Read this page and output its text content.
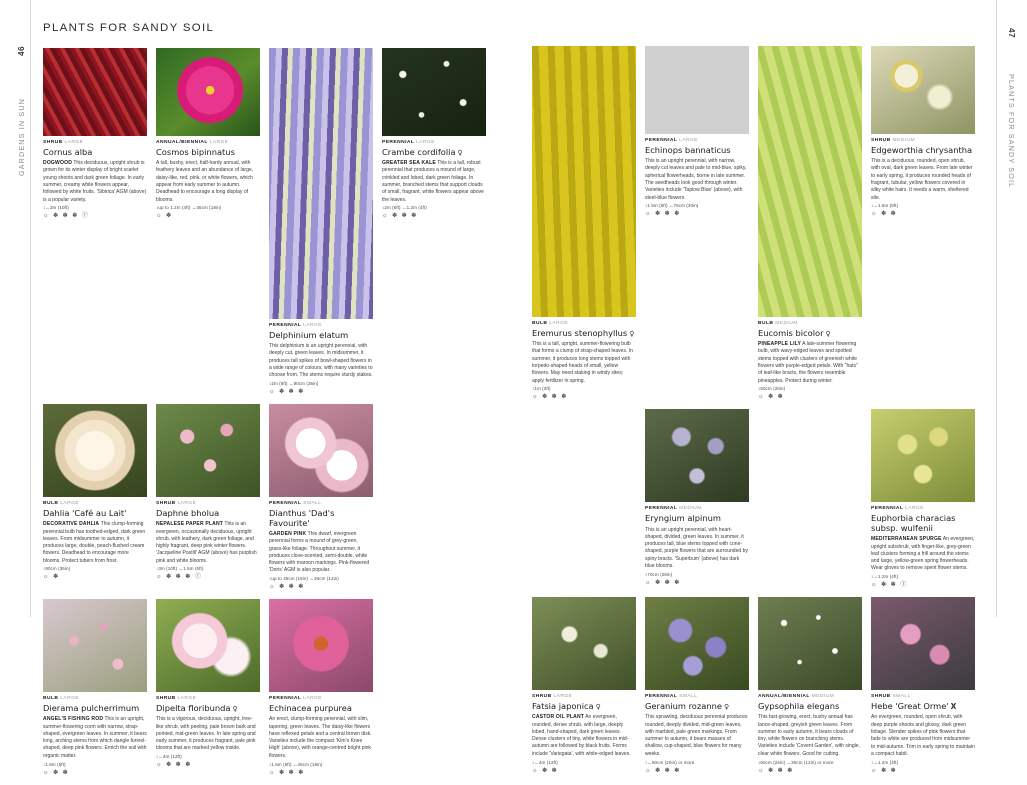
46
GARDENS IN SUN
PLANTS FOR SANDY SOIL
SHRUB LARGE
Cornus alba
DOGWOOD This deciduous, upright shrub is grown for its winter display of bright scarlet young shoots and dark green foliage. In early summer, creamy white flowers appear, followed by white fruits. 'Sibirica' AGM (above) is a popular variety.
↕↔3m (10ft)
☼ ✽ ✽ ✽ Ⓣ
ANNUAL/BIENNIAL LARGE
Cosmos bipinnatus
A tall, bushy, erect, half-hardy annual, with feathery leaves and an abundance of large, daisy-like, red, pink, or white flowers, which appear from early summer to autumn. Deadhead to encourage a long display of blooms.
↕up to 1.2m (4ft) ↔45cm (18in)
☼ ✽
PERENNIAL LARGE
Delphinium elatum
This delphinium is an upright perennial, with deeply cut, green leaves. In midsummer, it produces tall spikes of bowl-shaped flowers in a wide range of colours, with many varieties to choose from. The stems require sturdy stakes.
↕2m (6ft) ↔90cm (36in)
☼ ✽ ✽ ✽
PERENNIAL LARGE
Crambe cordifolia ♀
GREATER SEA KALE This is a tall, robust perennial that produces a mound of large, crinkled and lobed, dark green foliage. In summer, branched stems that support clouds of small, fragrant, white flowers appear above the leaves.
↕2m (6ft) ↔1.2m (4ft)
☼ ✽ ✽ ✽
BULB LARGE
Dahlia 'Café au Lait'
DECORATIVE DAHLIA This clump-forming perennial bulb has toothed-edged, dark green leaves. From midsummer to autumn, it produces large, double, peach-flushed cream flowers. Deadhead to encourage more blooms. Protect tubers from frost.
↕90cm (36in)
☼ ✽
SHRUB LARGE
Daphne bholua
NEPALESE PAPER PLANT This is an evergreen, occasionally deciduous, upright shrub, with leathery, dark green foliage, and highly fragrant, deep pink winter flowers. 'Jacqueline Postill' AGM (above) has purplish pink and white blooms.
↕3m (10ft) ↔1.5m (5ft)
☼ ✽ ✽ ✽ Ⓣ
PERENNIAL SMALL
Dianthus 'Dad's Favourite'
GARDEN PINK This dwarf, evergreen perennial forms a mound of grey-green, grass-like foliage. Throughout summer, it produces clove-scented, semi-double, white flowers with maroon markings. Pink-flowered 'Doris' AGM is also popular.
↕up to 45cm (18in) ↔30cm (12in)
☼ ✽ ✽ ✽
BULB LARGE
Dierama pulcherrimum
ANGEL'S FISHING ROD This is an upright, summer-flowering corm with narrow, strap-shaped, evergreen leaves. In summer, it bears long, arching stems from which dangle funnel-shaped, deep pink flowers. Enrich the soil with organic matter.
↕1.5m (5ft)
☼ ✽ ✽
SHRUB LARGE
Dipelta floribunda ♀
This is a vigorous, deciduous, upright, tree-like shrub, with peeling, pale brown bark and pointed, mid-green leaves. In late spring and early summer, it produces fragrant, pale pink blooms that are marked yellow inside.
↕↔4m (12ft)
☼ ✽ ✽ ✽
PERENNIAL LARGE
Echinacea purpurea
An erect, clump-forming perennial, with slim, tapering, green leaves. The daisy-like flowers have reflexed petals and a central brown disk. Varieties include the compact 'Kim's Knee High' (above), with orange-centred bright pink flowers.
↕1.5m (5ft) ↔45cm (18in)
☼ ✽ ✽ ✽
BULB LARGE
Eremurus stenophyllus ♀
This is a tall, upright, summer-flowering bulb that forms a clump of strap-shaped leaves. In summer, it produces long stems topped with torpedo-shaped heads of small, yellow flowers. May need staking in windy sites; apply fertilizer in spring.
↕1m (3ft)
☼ ✽ ✽ ✽
PERENNIAL LARGE
Echinops bannaticus
This is an upright perennial, with narrow, deeply cut leaves and pale to mid-blue, spiky, spherical flowerheads, borne in late summer. The seedheads look good through winter. Varieties include 'Taplow Blue' (above), with steel-blue flowers.
↕1.5m (5ft) ↔75cm (30in)
☼ ✽ ✽ ✽
BULB MEDIUM
Eucomis bicolor ♀
PINEAPPLE LILY A late-summer flowering bulb, with wavy-edged leaves and spotted stems topped with clusters of greenish white flowers with purple-edged petals. With "hats" of leaf-like bracts, the flowers resemble pineapples. Protect during winter.
↕50cm (20in)
☼ ✽ ✽
SHRUB MEDIUM
Edgeworthia chrysantha
This is a deciduous, rounded, open shrub, with oval, dark green leaves. From late winter to early spring, it produces rounded heads of fragrant, tubular, yellow flowers covered in silky white hairs. It needs a warm, sheltered site.
↕↔1.5m (5ft)
☼ ✽ ✽
PERENNIAL MEDIUM
Eryngium alpinum
This is an upright perennial, with heart-shaped, divided, green leaves. In summer, it produces tall, blue stems topped with cone-shaped, purple flowers that are surrounded by spiny bracts. 'Superbum' (above) has dark blue blooms.
↕70cm (28in)
☼ ✽ ✽ ✽
PERENNIAL LARGE
Euphorbia characias subsp. wulfenii
MEDITERRANEAN SPURGE An evergreen, upright subshrub, with finger-like, grey-green leaf clusters forming a frill around the stems and large, yellow-green spring flowerheads. Wear gloves to remove spent flower stems.
↕↔1.2m (4ft)
☼ ✽ ✽ Ⓣ
SHRUB LARGE
Fatsia japonica ♀
CASTOR OIL PLANT An evergreen, rounded, dense shrub, with large, deeply lobed, hand-shaped, dark green leaves. Dense clusters of tiny, white flowers in mid-autumn are followed by black fruits. Forms include 'Variegata', with white-edged leaves.
↕↔4m (12ft)
☼ ✽ ✽
PERENNIAL SMALL
Geranium rozanne ♀
This sprawling, deciduous perennial produces rounded, deeply divided, mid-green leaves, with marbled, pale green markings. From summer to autumn, it bears masses of shallow, cup-shaped, blue flowers for many weeks.
↕↔50cm (20in) or more
☼ ✽ ✽ ✽
ANNUAL/BIENNIAL MEDIUM
Gypsophila elegans
This fast-growing, erect, bushy annual has lance-shaped, greyish green leaves. From summer to early autumn, it bears clouds of tiny, white flowers on branching stems. Varieties include 'Covent Garden', with single, clear white flowers. Good for cutting.
↕60cm (24in) ↔30cm (12in) or more
☼ ✽ ✽ ✽
SHRUB SMALL
Hebe 'Great Orme' X
An evergreen, rounded, open shrub, with deep purple shoots and glossy, dark green foliage. Slender spikes of pink flowers that fade to white are produced from midsummer to mid-autumn. Trim in early spring to maintain a compact habit.
↕↔1.2m (4ft)
☼ ✽ ✽
47
PLANTS FOR SANDY SOIL
